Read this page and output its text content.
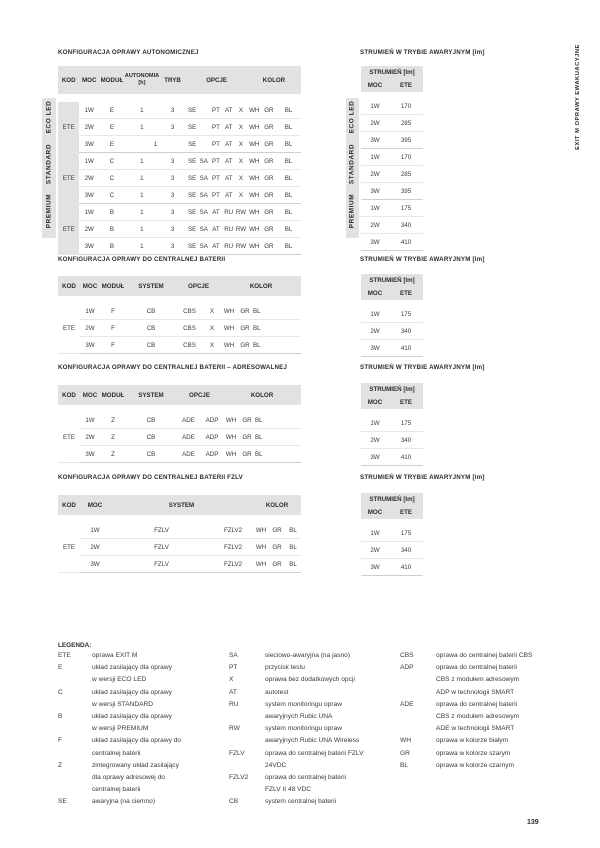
EXIT M OPRAWY EWAKUACYJNE
KONFIGURACJA OPRAWY AUTONOMICZNEJ	STRUMIEŃ W TRYBIE AWARYJNYM [lm]
KONFIGURACJA OPRAWY DO CENTRALNEJ BATERII	STRUMIEŃ W TRYBIE AWARYJNYM [lm]
KONFIGURACJA OPRAWY DO CENTRALNEJ BATERII – ADRESOWALNEJ	STRUMIEŃ W TRYBIE AWARYJNYM [lm]
KONFIGURACJA OPRAWY DO CENTRALNEJ BATERII FZLV	STRUMIEŃ W TRYBIE AWARYJNYM [lm]
KOD	MOC	MODUŁ	AUTONOMIA [h]	TRYB	OPCJE					KOLOR		

ETE	1W	E	1	3	SE		PT	AT	X	WH	GR	BL
	2W	E	1	3	SE		PT	AT	X	WH	GR	BL
	3W	E	1		SE		PT	AT	X	WH	GR	BL
ETE	1W	C	1	3	SE	SA	PT	AT	X	WH	GR	BL
	2W	C	1	3	SE	SA	PT	AT	X	WH	GR	BL
	3W	C	1	3	SE	SA	PT	AT	X	WH	GR	BL
ETE	1W	B	1	3	SE	SA	AT	RU	RW	WH	GR	BL
	2W	B	1	3	SE	SA	AT	RU	RW	WH	GR	BL
	3W	B	1	3	SE	SA	AT	RU	RW	WH	GR	BL
ECO LED
STANDARD
PREMIUM
STRUMIEŃ [lm]	
MOC	ETE

1W	170
2W	285
3W	395
1W	170
2W	285
3W	395
1W	175
2W	340
3W	410
ECO LED
STANDARD
PREMIUM
KOD	MOC	MODUŁ	SYSTEM	OPCJE		KOLOR		

ETE	1W	F	CB	CBS	X	WH	GR	BL
	2W	F	CB	CBS	X	WH	GR	BL
	3W	F	CB	CBS	X	WH	GR	BL
STRUMIEŃ [lm]	
MOC	ETE

1W	175
2W	340
3W	410
KOD	MOC	MODUŁ	SYSTEM	OPCJE		KOLOR		

ETE	1W	Z	CB	ADE	ADP	WH	GR	BL
	2W	Z	CB	ADE	ADP	WH	GR	BL
	3W	Z	CB	ADE	ADP	WH	GR	BL
STRUMIEŃ [lm]	
MOC	ETE

1W	175
2W	340
3W	410
KOD	MOC	SYSTEM		KOLOR		

ETE	1W	FZLV	FZLV2	WH	GR	BL
	2W	FZLV	FZLV2	WH	GR	BL
	3W	FZLV	FZLV2	WH	GR	BL
STRUMIEŃ [lm]	
MOC	ETE

1W	175
2W	340
3W	410
LEGENDA:
ETE	oprawa EXIT M
E	układ zasilający dla oprawy
w wersji ECO LED
C	układ zasilający dla oprawy
w wersji STANDARD
B	układ zasilający dla oprawy
w wersji PREMIUM
F	układ zasilający dla oprawy do
centralnej baterii
Z	zintegrowany układ zasilający
dla oprawy adresowej do
centralnej baterii
SE	awaryjna (na ciemno)
SA	sieciowo-awaryjna (na jasno)
PT	przycisk testu
X	oprawa bez dodatkowych opcji
AT	autotest
RU	system monitoringu opraw
awaryjnych Rubic UNA
RW	system monitoringu opraw
awaryjnych Rubic UNA Wireless
FZLV	oprawa do centralnej baterii FZLV
24VDC
FZLV2	oprawa do centralnej baterii
FZLV II 48 VDC
CB	system centralnej baterii
CBS	oprawa do centralnej baterii CBS
ADP	oprawa do centralnej baterii
CBS z modułem adresowym
ADP w technologii SMART
ADE	oprawa do centralnej baterii
CBS z modułem adresowym
ADE w technologii SMART
WH	oprawa w kolorze białym
GR	oprawa w kolorze szarym
BL	oprawa w kolorze czarnym
139
